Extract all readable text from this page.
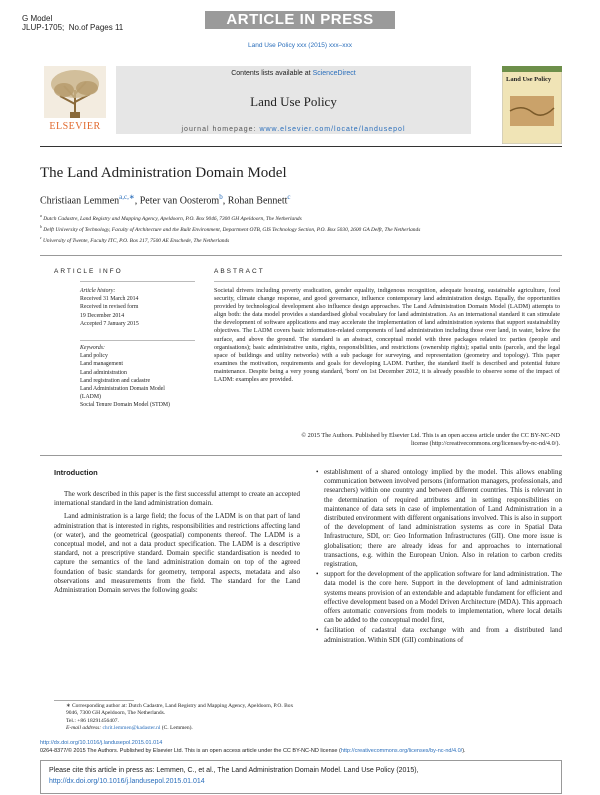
G Model
JLUP-1705; No.of Pages 11	ARTICLE IN PRESS
Land Use Policy xxx (2015) xxx–xxx
ELSEVIER
Contents lists available at ScienceDirect
Land Use Policy
journal homepage: www.elsevier.com/locate/landusepol
Land Use Policy
The Land Administration Domain Model
Christiaan Lemmen$^{a,c,∗}$, Peter van Oosterom$^b$, Rohan Bennett$^c$
$^a$ Dutch Cadastre, Land Registry and Mapping Agency, Apeldoorn, P.O. Box 9046, 7300 GH Apeldoorn, The Netherlands
$^b$ Delft University of Technology, Faculty of Architecture and the Built Environment, Department OTB, GIS Technology Section, P.O. Box 5030, 2600 GA Delft, The Netherlands
$^c$ University of Twente, Faculty ITC, P.O. Box 217, 7500 AE Enschede, The Netherlands
ARTICLE INFO	ABSTRACT
Article history:
Received 31 March 2014
Received in revised form
19 December 2014
Accepted 7 January 2015
Keywords:
Land policy
Land management
Land administration
Land registration and cadastre
Land Administration Domain Model
(LADM)
Social Tenure Domain Model (STDM)
Societal drivers including poverty eradication, gender equality, indigenous recognition, adequate housing, sustainable agriculture, food security, climate change response, and good governance, influence contemporary land administration design. Equally, the opportunities provided by technological development also influence design approaches. The Land Administration Domain Model (LADM) attempts to align both: the data model provides a standardised global vocabulary for land administration. As an international standard it can stimulate the development of software applications and may accelerate the implementation of land administration systems that support sustainability objectives. The LADM covers basic information-related components of land administration including those over land, in water, below the surface, and above the ground. The standard is an abstract, conceptual model with three packages related to: parties (people and organisations); basic administrative units, rights, responsibilities, and restrictions (ownership rights); spatial units (parcels, and the legal space of buildings and utility networks) with a sub package for surveying, and representation (geometry and topology). This paper examines the motivation, requirements and goals for developing LADM. Further, the standard itself is described and potential future maintenance. Despite being a very young standard, 'born' on 1st December 2012, it is already possible to observe some of the impact of LADM: examples are provided.
© 2015 The Authors. Published by Elsevier Ltd. This is an open access article under the CC BY-NC-ND
license (http://creativecommons.org/licenses/by-nc-nd/4.0/).
Introduction

The work described in this paper is the first successful attempt to create an accepted international standard in the land administration domain.

Land administration is a large field; the focus of the LADM is on that part of land administration that is interested in rights, responsibilities and restrictions affecting land (or water), and the geometrical (geospatial) components thereof. The LADM is a conceptual model, and not a data product specification. The LADM is a descriptive standard, not a prescriptive standard. Domain specific standardisation is needed to capture the semantics of the land administration domain on top of the agreed foundation of basic standards for geometry, temporal aspects, metadata and also observations and measurements from the field. The standard for the Land Administration Domain serves the following goals:

• establishment of a shared ontology implied by the model. This allows enabling communication between involved persons (information managers, professionals, and researchers) within one country and between different countries. This is relevant in the determination of required attributes and in setting responsibilities on maintenance of data sets in case of implementation of Land Administration in a distributed environment with different organisations involved. This is also in support of the development of land administration systems as core in Spatial Data Infrastructure, SDI, or: Geo Information Infrastructures (GII). One more issue is globalisation; there are already ideas for and approaches to international transactions, e.g. within the European Union. Also in relation to carbon credits registration,
• support for the development of the application software for land administration. The data model is the core here. Support in the development of land administration systems means provision of an extendable and adaptable fundament for efficient and effective development based on a Model Driven Architecture (MDA). This approach offers automatic conversions from models to implementation, where local details can be added to the conceptual model first,
• facilitation of cadastral data exchange with and from a distributed land administration. Within SDI (GII) combinations of
∗ Corresponding author at: Dutch Cadastre, Land Registry and Mapping Agency, Apeldoorn, P.O. Box 9046, 7300 GH Apeldoorn, The Netherlands.
Tel.: +86 18291456407.
E-mail address: chrit.lemmen@kadaster.nl (C. Lemmen).
http://dx.doi.org/10.1016/j.landusepol.2015.01.014
0264-8377/© 2015 The Authors. Published by Elsevier Ltd. This is an open access article under the CC BY-NC-ND license (http://creativecommons.org/licenses/by-nc-nd/4.0/).
Please cite this article in press as: Lemmen, C., et al., The Land Administration Domain Model. Land Use Policy (2015),
http://dx.doi.org/10.1016/j.landusepol.2015.01.014
